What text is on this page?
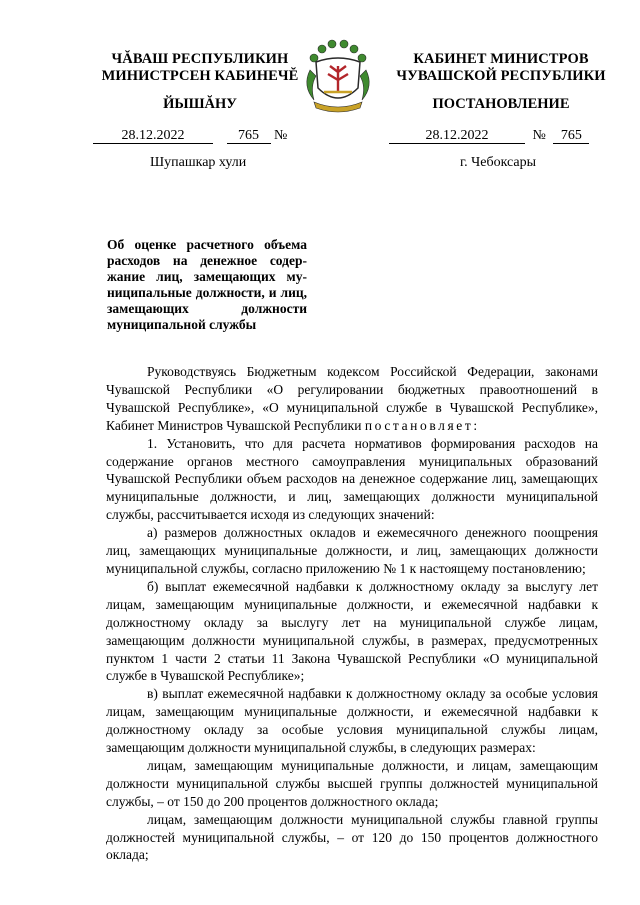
ЧĂВАШ РЕСПУБЛИКИН
МИНИСТРСЕН КАБИНЕЧĔ
КАБИНЕТ МИНИСТРОВ
ЧУВАШСКОЙ РЕСПУБЛИКИ
ЙЫШĂНУ	ПОСТАНОВЛЕНИЕ
28.12.2022	765 №	28.12.2022	№ 765
Шупашкар хули	г. Чебоксары
Об оценке расчетного объема расходов на денежное содер-жание лиц, замещающих му-ниципальные должности, и лиц, замещающих должности муниципальной службы

Руководствуясь Бюджетным кодексом Российской Федерации, законами Чувашской Республики «О регулировании бюджетных правоотношений в Чувашской Республике», «О муниципальной службе в Чувашской Республике», Кабинет Министров Чувашской Республики постановляет:

1. Установить, что для расчета нормативов формирования расходов на содержание органов местного самоуправления муниципальных образований Чувашской Республики объем расходов на денежное содержание лиц, замещающих муниципальные должности, и лиц, замещающих должности муниципальной службы, рассчитывается исходя из следующих значений:

а) размеров должностных окладов и ежемесячного денежного поощрения лиц, замещающих муниципальные должности, и лиц, замещающих должности муниципальной службы, согласно приложению № 1 к настоящему постановлению;

б) выплат ежемесячной надбавки к должностному окладу за выслугу лет лицам, замещающим муниципальные должности, и ежемесячной надбавки к должностному окладу за выслугу лет на муниципальной службе лицам, замещающим должности муниципальной службы, в размерах, предусмотренных пунктом 1 части 2 статьи 11 Закона Чувашской Республики «О муниципальной службе в Чувашской Республике»;

в) выплат ежемесячной надбавки к должностному окладу за особые условия лицам, замещающим муниципальные должности, и ежемесячной надбавки к должностному окладу за особые условия муниципальной службы лицам, замещающим должности муниципальной службы, в следующих размерах:

лицам, замещающим муниципальные должности, и лицам, замещающим должности муниципальной службы высшей группы должностей муниципальной службы, – от 150 до 200 процентов должностного оклада;

лицам, замещающим должности муниципальной службы главной группы должностей муниципальной службы, – от 120 до 150 процентов должностного оклада;
